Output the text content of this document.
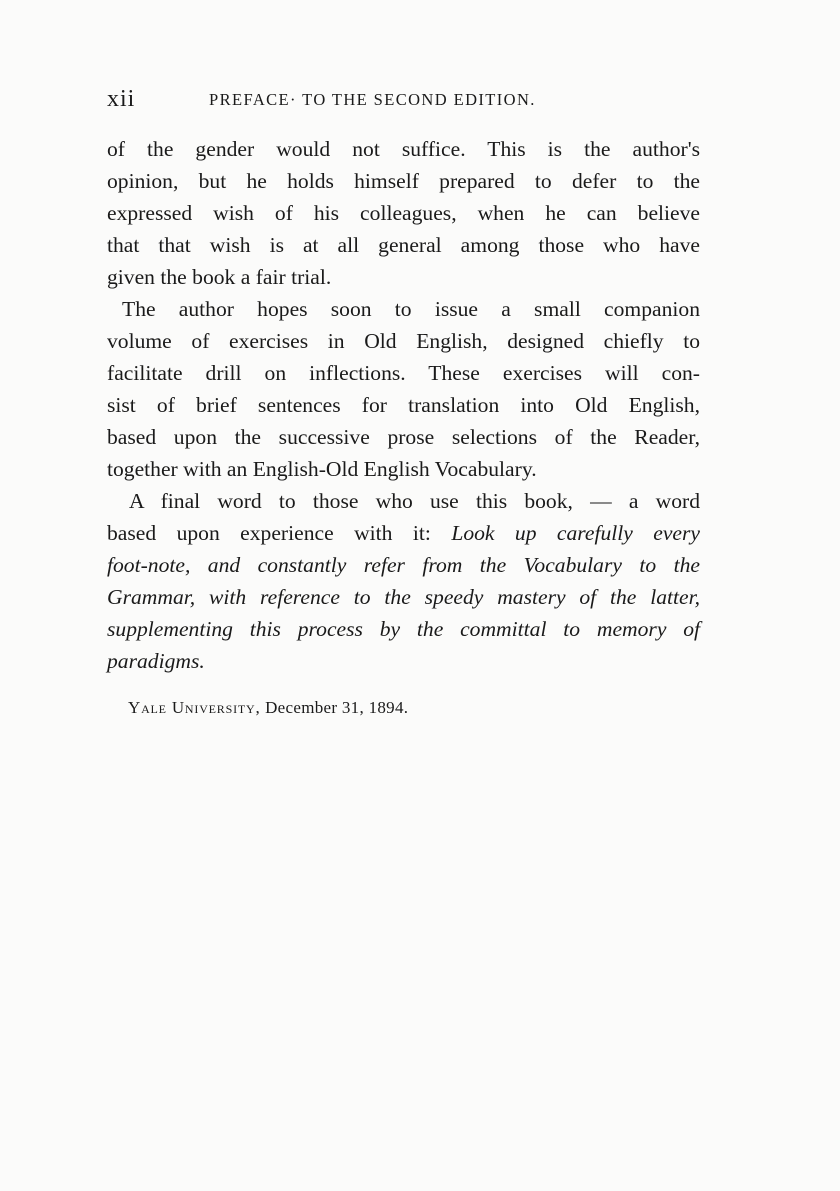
xii	PREFACE· TO THE SECOND EDITION.
of the gender would not suffice. This is the author's
opinion, but he holds himself prepared to defer to the
expressed wish of his colleagues, when he can believe
that that wish is at all general among those who have
given the book a fair trial.
The author hopes soon to issue a small companion
volume of exercises in Old English, designed chiefly to
facilitate drill on inflections. These exercises will con-
sist of brief sentences for translation into Old English,
based upon the successive prose selections of the Reader,
together with an English-Old English Vocabulary.
A final word to those who use this book, — a word
based upon experience with it: Look up carefully every
foot-note, and constantly refer from the Vocabulary to the
Grammar, with reference to the speedy mastery of the latter,
supplementing this process by the committal to memory of
paradigms.
Yale University, December 31, 1894.
